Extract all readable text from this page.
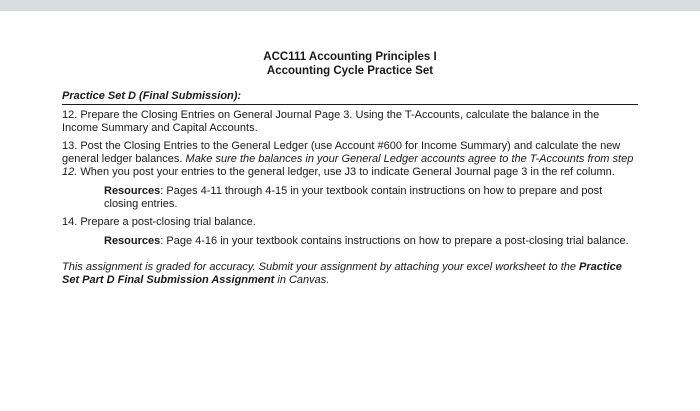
ACC111 Accounting Principles I
Accounting Cycle Practice Set
Practice Set D (Final Submission):
12. Prepare the Closing Entries on General Journal Page 3. Using the T-Accounts, calculate the balance in the Income Summary and Capital Accounts.
13. Post the Closing Entries to the General Ledger (use Account #600 for Income Summary) and calculate the new general ledger balances. Make sure the balances in your General Ledger accounts agree to the T-Accounts from step 12. When you post your entries to the general ledger, use J3 to indicate General Journal page 3 in the ref column.
Resources: Pages 4-11 through 4-15 in your textbook contain instructions on how to prepare and post closing entries.
14. Prepare a post-closing trial balance.
Resources: Page 4-16 in your textbook contains instructions on how to prepare a post-closing trial balance.
This assignment is graded for accuracy. Submit your assignment by attaching your excel worksheet to the Practice Set Part D Final Submission Assignment in Canvas.
